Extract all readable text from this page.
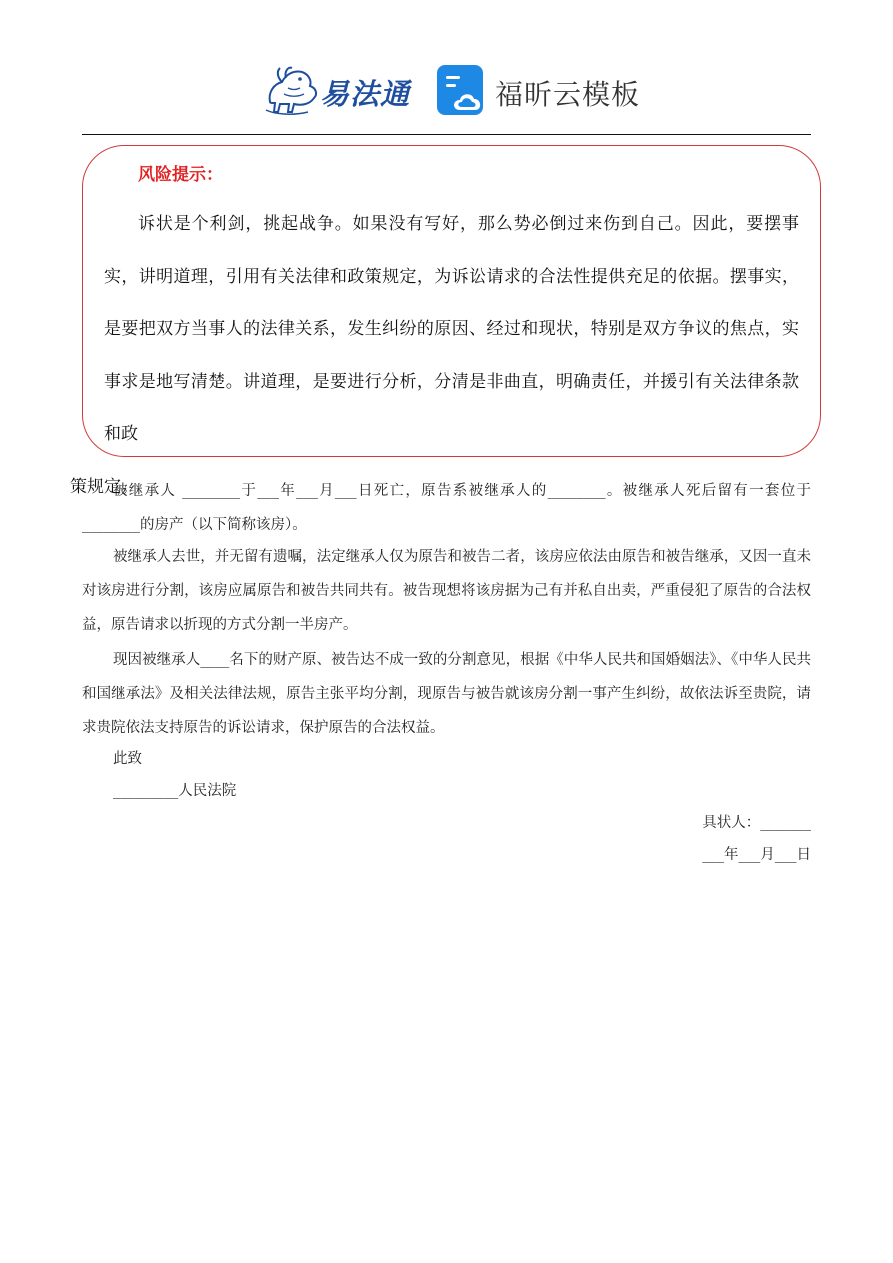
易法通	福昕云模板
风险提示：

诉状是个利剑，挑起战争。如果没有写好，那么势必倒过来伤到自己。因此，要摆事实，讲明道理，引用有关法律和政策规定，为诉讼请求的合法性提供充足的依据。摆事实，是要把双方当事人的法律关系，发生纠纷的原因、经过和现状，特别是双方争议的焦点，实事求是地写清楚。讲道理，是要进行分析，分清是非曲直，明确责任，并援引有关法律条款和政
策规定。

被继承人 ________于___年___月___日死亡，原告系被继承人的________。被继承人死后留有一套位于________的房产（以下简称该房）。

被继承人去世，并无留有遗嘱，法定继承人仅为原告和被告二者，该房应依法由原告和被告继承，又因一直未对该房进行分割，该房应属原告和被告共同共有。被告现想将该房据为己有并私自出卖，严重侵犯了原告的合法权益，原告请求以折现的方式分割一半房产。

现因被继承人____名下的财产原、被告达不成一致的分割意见，根据《中华人民共和国婚姻法》、《中华人民共和国继承法》及相关法律法规，原告主张平均分割，现原告与被告就该房分割一事产生纠纷，故依法诉至贵院，请求贵院依法支持原告的诉讼请求，保护原告的合法权益。

此致

_________人民法院

具状人：_______

___年___月___日
